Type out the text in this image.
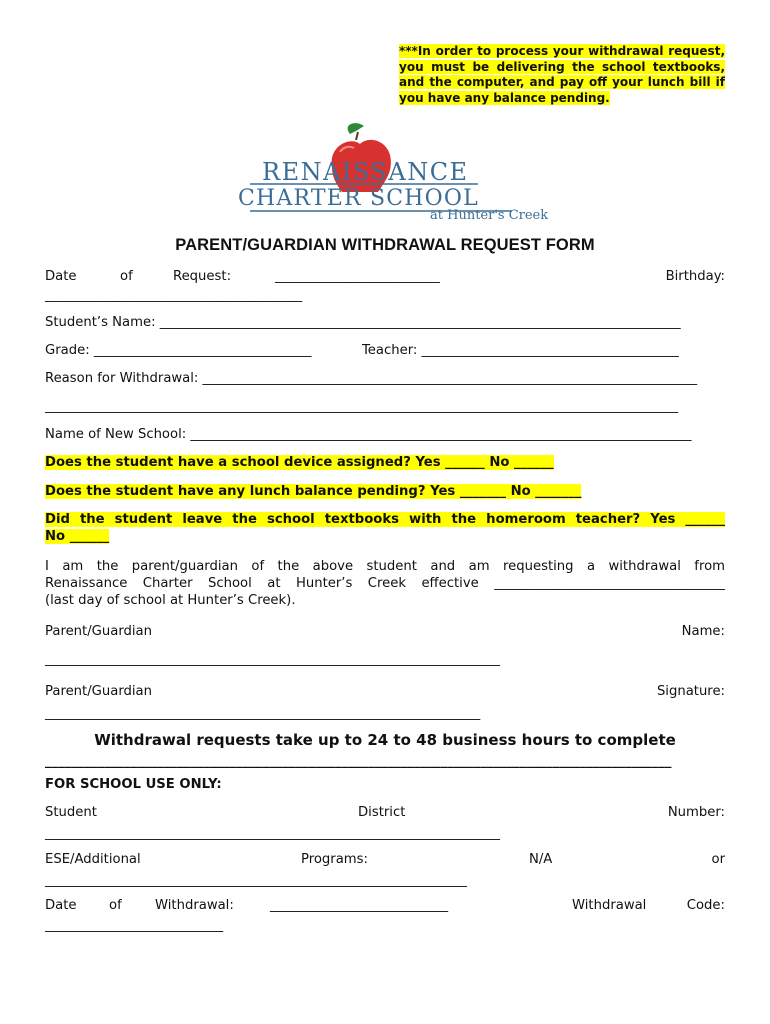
***In order to process your withdrawal request, you must be delivering the school textbooks, and the computer, and pay off your lunch bill if you have any balance pending.
RENAISSANCE
CHARTER SCHOOL
at Hunter's Creek
PARENT/GUARDIAN WITHDRAWAL REQUEST FORM
Date	of	Request:	_________________________	Birthday:
_______________________________________
Student’s Name: _______________________________________________________________________________
Grade: _________________________________	Teacher: _______________________________________
Reason for Withdrawal: ___________________________________________________________________________
________________________________________________________________________________________________
Name of New School: ____________________________________________________________________________
Does the student have a school device assigned? Yes ______ No ______
Does the student have any lunch balance pending? Yes _______ No _______
Did the student leave the school textbooks with the homeroom teacher? Yes ______
No ______
I am the parent/guardian of the above student and am requesting a withdrawal from
Renaissance Charter School at Hunter’s Creek effective ___________________________________
(last day of school at Hunter’s Creek).
Parent/Guardian	Name:
_____________________________________________________________________
Parent/Guardian	Signature:
__________________________________________________________________
Withdrawal requests take up to 24 to 48 business hours to complete
_______________________________________________________________________________________________
FOR SCHOOL USE ONLY:
Student	District	Number:
_____________________________________________________________________
ESE/Additional	Programs:	N/A	or
________________________________________________________________
Date of	Withdrawal:	___________________________	Withdrawal	Code:
___________________________
